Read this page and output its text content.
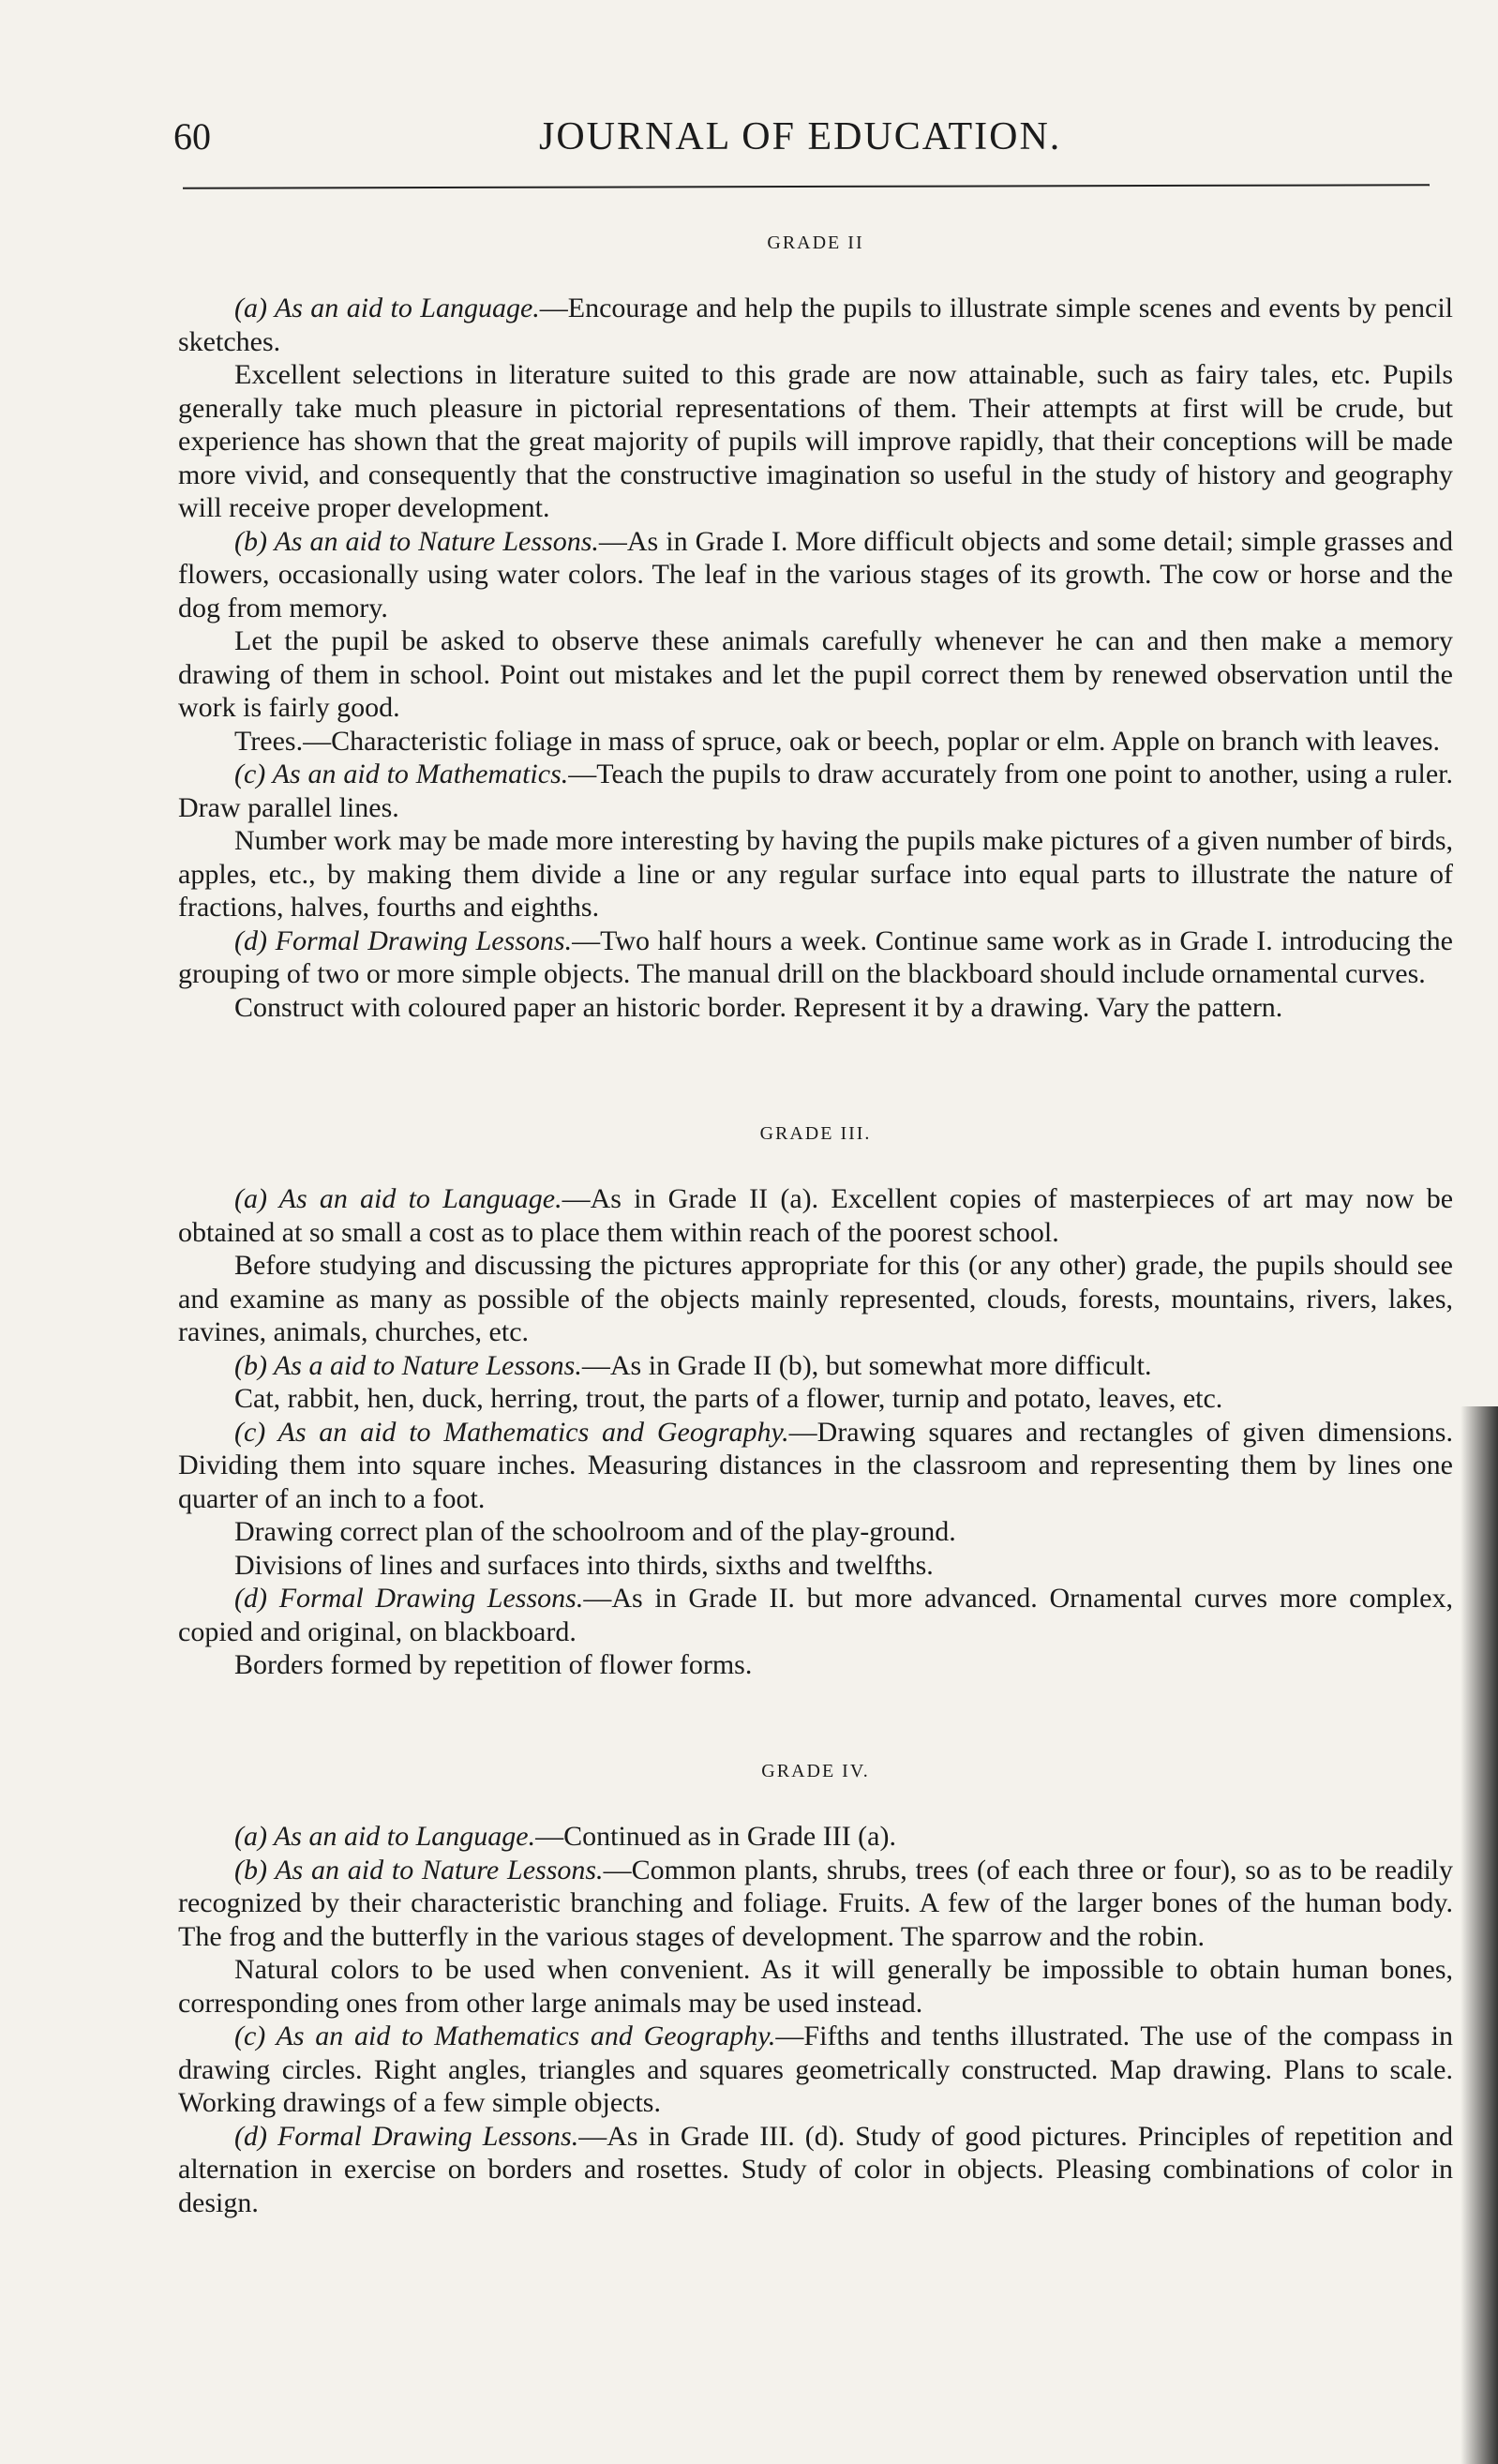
60	JOURNAL OF EDUCATION.
GRADE II

(a) As an aid to Language.—Encourage and help the pupils to illustrate simple scenes and events by pencil sketches.

Excellent selections in literature suited to this grade are now attainable, such as fairy tales, etc. Pupils generally take much pleasure in pictorial representations of them. Their attempts at first will be crude, but experience has shown that the great majority of pupils will improve rapidly, that their conceptions will be made more vivid, and consequently that the constructive imagination so useful in the study of history and geography will receive proper development.

(b) As an aid to Nature Lessons.—As in Grade I. More difficult objects and some detail; simple grasses and flowers, occasionally using water colors. The leaf in the various stages of its growth. The cow or horse and the dog from memory.

Let the pupil be asked to observe these animals carefully whenever he can and then make a memory drawing of them in school. Point out mistakes and let the pupil correct them by renewed observation until the work is fairly good.

Trees.—Characteristic foliage in mass of spruce, oak or beech, poplar or elm. Apple on branch with leaves.

(c) As an aid to Mathematics.—Teach the pupils to draw accurately from one point to another, using a ruler. Draw parallel lines.

Number work may be made more interesting by having the pupils make pictures of a given number of birds, apples, etc., by making them divide a line or any regular surface into equal parts to illustrate the nature of fractions, halves, fourths and eighths.

(d) Formal Drawing Lessons.—Two half hours a week. Continue same work as in Grade I. introducing the grouping of two or more simple objects. The manual drill on the blackboard should include ornamental curves.

Construct with coloured paper an historic border. Represent it by a drawing. Vary the pattern.

GRADE III.

(a) As an aid to Language.—As in Grade II (a). Excellent copies of masterpieces of art may now be obtained at so small a cost as to place them within reach of the poorest school.

Before studying and discussing the pictures appropriate for this (or any other) grade, the pupils should see and examine as many as possible of the objects mainly represented, clouds, forests, mountains, rivers, lakes, ravines, animals, churches, etc.

(b) As a aid to Nature Lessons.—As in Grade II (b), but somewhat more difficult.

Cat, rabbit, hen, duck, herring, trout, the parts of a flower, turnip and potato, leaves, etc.

(c) As an aid to Mathematics and Geography.—Drawing squares and rectangles of given dimensions. Dividing them into square inches. Measuring distances in the classroom and representing them by lines one quarter of an inch to a foot.

Drawing correct plan of the schoolroom and of the play-ground.

Divisions of lines and surfaces into thirds, sixths and twelfths.

(d) Formal Drawing Lessons.—As in Grade II. but more advanced. Ornamental curves more complex, copied and original, on blackboard.

Borders formed by repetition of flower forms.

GRADE IV.

(a) As an aid to Language.—Continued as in Grade III (a).

(b) As an aid to Nature Lessons.—Common plants, shrubs, trees (of each three or four), so as to be readily recognized by their characteristic branching and foliage. Fruits. A few of the larger bones of the human body. The frog and the butterfly in the various stages of development. The sparrow and the robin.

Natural colors to be used when convenient. As it will generally be impossible to obtain human bones, corresponding ones from other large animals may be used instead.

(c) As an aid to Mathematics and Geography.—Fifths and tenths illustrated. The use of the compass in drawing circles. Right angles, triangles and squares geometrically constructed. Map drawing. Plans to scale. Working drawings of a few simple objects.

(d) Formal Drawing Lessons.—As in Grade III. (d). Study of good pictures. Principles of repetition and alternation in exercise on borders and rosettes. Study of color in objects. Pleasing combinations of color in design.
